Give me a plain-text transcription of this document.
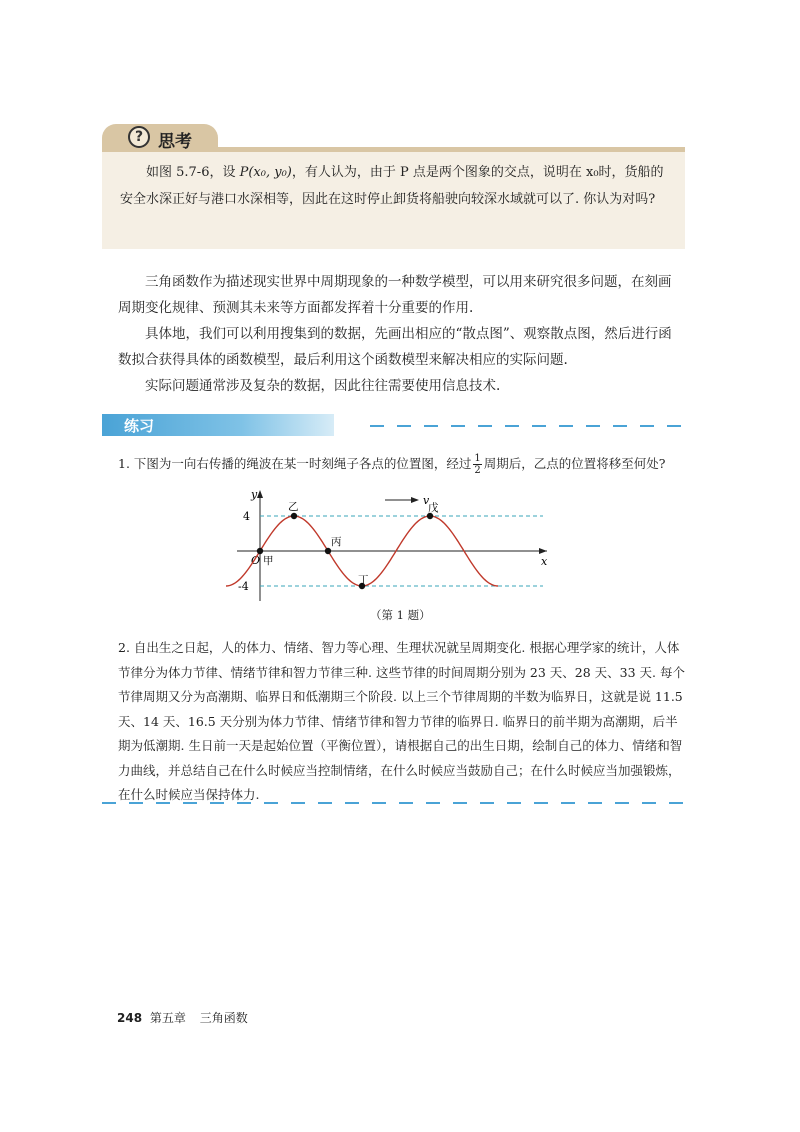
? 思考

如图 5.7-6，设 P(x₀, y₀)，有人认为，由于 P 点是两个图象的交点，说明在 x₀时，货船的安全水深正好与港口水深相等，因此在这时停止卸货将船驶向较深水域就可以了. 你认为对吗?

三角函数作为描述现实世界中周期现象的一种数学模型，可以用来研究很多问题，在刻画周期变化规律、预测其未来等方面都发挥着十分重要的作用.

具体地，我们可以利用搜集到的数据，先画出相应的“散点图”、观察散点图，然后进行函数拟合获得具体的函数模型，最后利用这个函数模型来解决相应的实际问题.

实际问题通常涉及复杂的数据，因此往往需要使用信息技术.

练习
1. 下图为一向右传播的绳波在某一时刻绳子各点的位置图，经过 $\frac{1}{2}$ 周期后，乙点的位置将移至何处?
x
y
O
4
-4
v
甲
乙
丙
丁
戊
（第 1 题）

2. 自出生之日起，人的体力、情绪、智力等心理、生理状况就呈周期变化. 根据心理学家的统计，人体节律分为体力节律、情绪节律和智力节律三种. 这些节律的时间周期分别为 23 天、28 天、33 天. 每个节律周期又分为高潮期、临界日和低潮期三个阶段. 以上三个节律周期的半数为临界日，这就是说 11.5 天、14 天、16.5 天分别为体力节律、情绪节律和智力节律的临界日. 临界日的前半期为高潮期，后半期为低潮期. 生日前一天是起始位置（平衡位置），请根据自己的出生日期，绘制自己的体力、情绪和智力曲线，并总结自己在什么时候应当控制情绪，在什么时候应当鼓励自己；在什么时候应当加强锻炼，在什么时候应当保持体力.

248 第五章 三角函数
